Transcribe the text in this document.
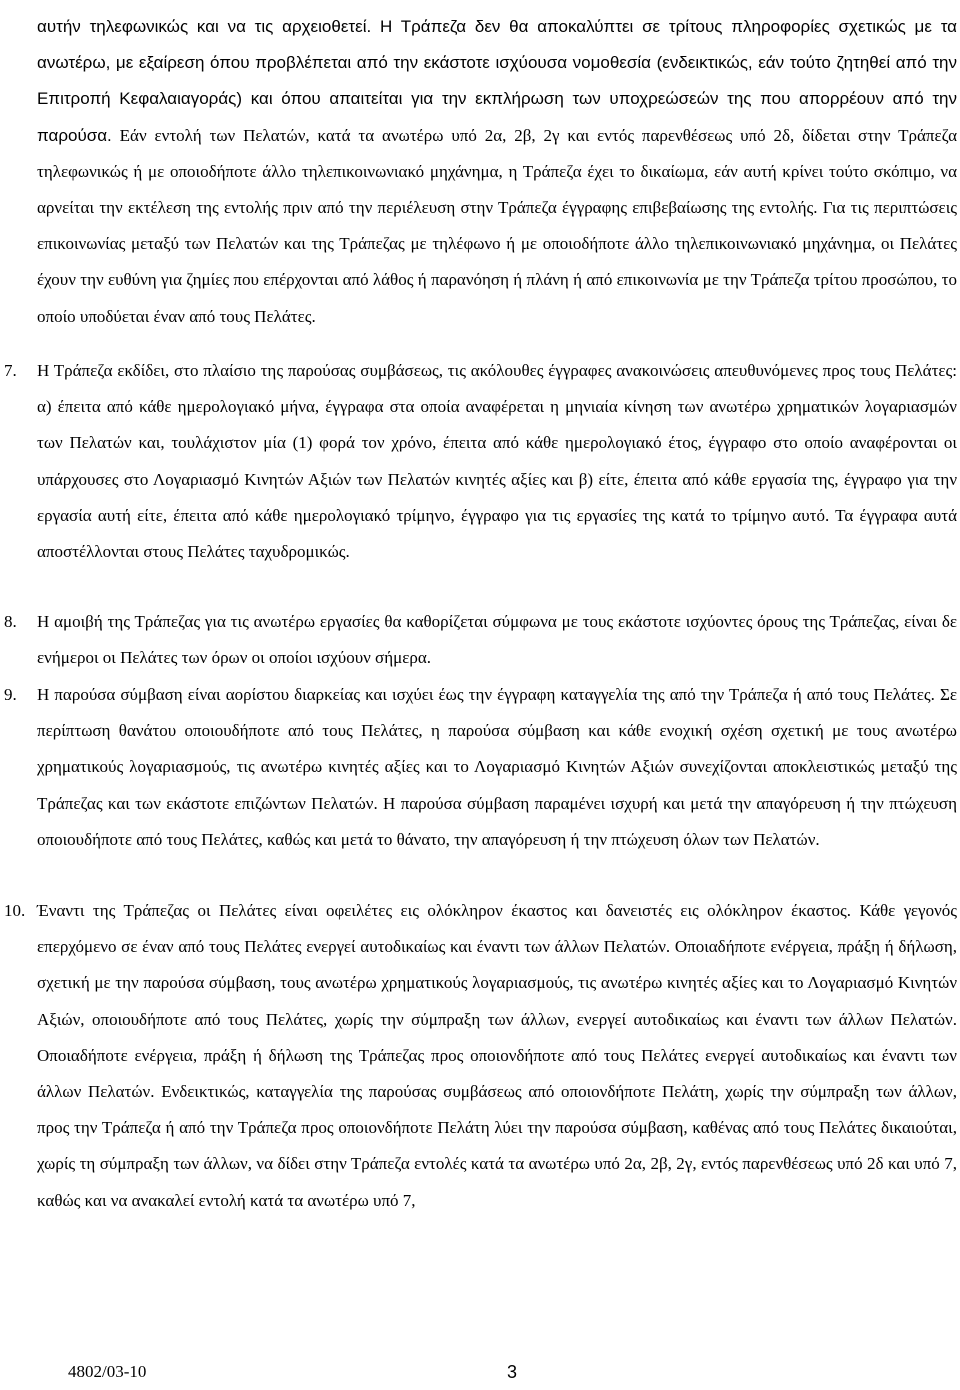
αυτήν τηλεφωνικώς και να τις αρχειοθετεί. Η Τράπεζα δεν θα αποκαλύπτει σε τρίτους πληροφορίες σχετικώς με τα ανωτέρω, με εξαίρεση όπου προβλέπεται από την εκάστοτε ισχύουσα νομοθεσία (ενδεικτικώς, εάν τούτο ζητηθεί από την Επιτροπή Κεφαλαιαγοράς) και όπου απαιτείται για την εκπλήρωση των υποχρεώσεών της που απορρέουν από την παρούσα. Εάν εντολή των Πελατών, κατά τα ανωτέρω υπό 2α, 2β, 2γ και εντός παρενθέσεως υπό 2δ, δίδεται στην Τράπεζα τηλεφωνικώς ή με οποιοδήποτε άλλο τηλεπικοινωνιακό μηχάνημα, η Τράπεζα έχει το δικαίωμα, εάν αυτή κρίνει τούτο σκόπιμο, να αρνείται την εκτέλεση της εντολής πριν από την περιέλευση στην Τράπεζα έγγραφης επιβεβαίωσης της εντολής. Για τις περιπτώσεις επικοινωνίας μεταξύ των Πελατών και της Τράπεζας με τηλέφωνο ή με οποιοδήποτε άλλο τηλεπικοινωνιακό μηχάνημα, οι Πελάτες έχουν την ευθύνη για ζημίες που επέρχονται από λάθος ή παρανόηση ή πλάνη ή από επικοινωνία με την Τράπεζα τρίτου προσώπου, το οποίο υποδύεται έναν από τους Πελάτες.

7.	Η Τράπεζα εκδίδει, στο πλαίσιο της παρούσας συμβάσεως, τις ακόλουθες έγγραφες ανακοινώσεις απευθυνόμενες προς τους Πελάτες: α) έπειτα από κάθε ημερολογιακό μήνα, έγγραφα στα οποία αναφέρεται η μηνιαία κίνηση των ανωτέρω χρηματικών λογαριασμών των Πελατών και, τουλάχιστον μία (1) φορά τον χρόνο, έπειτα από κάθε ημερολογιακό έτος, έγγραφο στο οποίο αναφέρονται οι υπάρχουσες στο Λογαριασμό Κινητών Αξιών των Πελατών κινητές αξίες και β) είτε, έπειτα από κάθε εργασία της, έγγραφο για την εργασία αυτή είτε, έπειτα από κάθε ημερολογιακό τρίμηνο, έγγραφο για τις εργασίες της κατά το τρίμηνο αυτό. Τα έγγραφα αυτά αποστέλλονται στους Πελάτες ταχυδρομικώς.

8.	Η αμοιβή της Τράπεζας για τις ανωτέρω εργασίες θα καθορίζεται σύμφωνα με τους εκάστοτε ισχύοντες όρους της Τράπεζας, είναι δε ενήμεροι οι Πελάτες των όρων οι οποίοι ισχύουν σήμερα.

9.	Η παρούσα σύμβαση είναι αορίστου διαρκείας και ισχύει έως την έγγραφη καταγγελία της από την Τράπεζα ή από τους Πελάτες. Σε περίπτωση θανάτου οποιουδήποτε από τους Πελάτες, η παρούσα σύμβαση και κάθε ενοχική σχέση σχετική με τους ανωτέρω χρηματικούς λογαριασμούς, τις ανωτέρω κινητές αξίες και το Λογαριασμό Κινητών Αξιών συνεχίζονται αποκλειστικώς μεταξύ της Τράπεζας και των εκάστοτε επιζώντων Πελατών. Η παρούσα σύμβαση παραμένει ισχυρή και μετά την απαγόρευση ή την πτώχευση οποιουδήποτε από τους Πελάτες, καθώς και μετά το θάνατο, την απαγόρευση ή την πτώχευση όλων των Πελατών.

10. Έναντι της Τράπεζας οι Πελάτες είναι οφειλέτες εις ολόκληρον έκαστος και δανειστές εις ολόκληρον έκαστος. Κάθε γεγονός επερχόμενο σε έναν από τους Πελάτες ενεργεί αυτοδικαίως και έναντι των άλλων Πελατών. Οποιαδήποτε ενέργεια, πράξη ή δήλωση, σχετική με την παρούσα σύμβαση, τους ανωτέρω χρηματικούς λογαριασμούς, τις ανωτέρω κινητές αξίες και το Λογαριασμό Κινητών Αξιών, οποιουδήποτε από τους Πελάτες, χωρίς την σύμπραξη των άλλων, ενεργεί αυτοδικαίως και έναντι των άλλων Πελατών. Οποιαδήποτε ενέργεια, πράξη ή δήλωση της Τράπεζας προς οποιονδήποτε από τους Πελάτες ενεργεί αυτοδικαίως και έναντι των άλλων Πελατών. Ενδεικτικώς, καταγγελία της παρούσας συμβάσεως από οποιονδήποτε Πελάτη, χωρίς την σύμπραξη των άλλων, προς την Τράπεζα ή από την Τράπεζα προς οποιονδήποτε Πελάτη λύει την παρούσα σύμβαση, καθένας από τους Πελάτες δικαιούται, χωρίς τη σύμπραξη των άλλων, να δίδει στην Τράπεζα εντολές κατά τα ανωτέρω υπό 2α, 2β, 2γ, εντός παρενθέσεως υπό 2δ και υπό 7, καθώς και να ανακαλεί εντολή κατά τα ανωτέρω υπό 7,

4802/03-10	3
